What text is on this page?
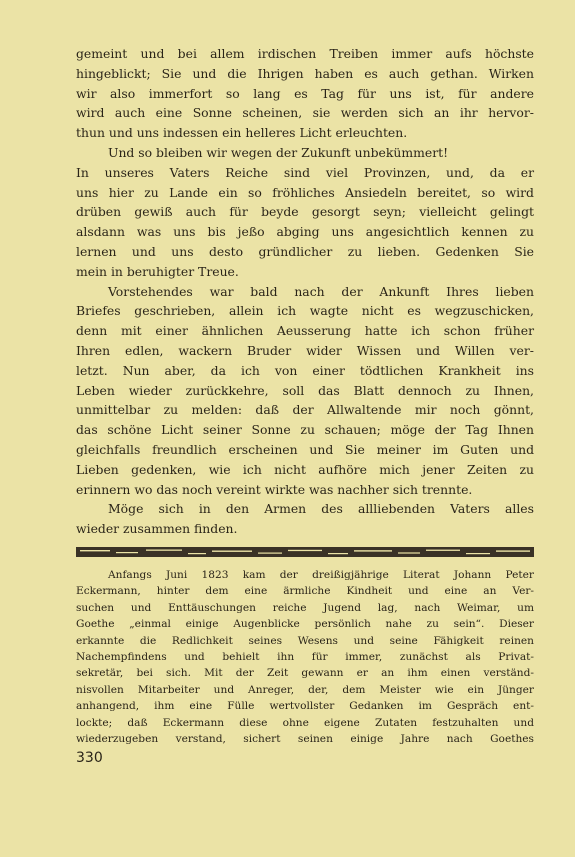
gemeint und bei allem irdischen Treiben immer aufs höchste
hingeblickt; Sie und die Ihrigen haben es auch gethan. Wirken
wir also immerfort so lang es Tag für uns ist, für andere
wird auch eine Sonne scheinen, sie werden sich an ihr hervor-
thun und uns indessen ein helleres Licht erleuchten.

Und so bleiben wir wegen der Zukunft unbekümmert!
In unseres Vaters Reiche sind viel Provinzen, und, da er
uns hier zu Lande ein so fröhliches Ansiedeln bereitet, so wird
drüben gewiß auch für beyde gesorgt seyn; vielleicht gelingt
alsdann was uns bis jeßo abging uns angesichtlich kennen zu
lernen und uns desto gründlicher zu lieben. Gedenken Sie
mein in beruhigter Treue.

Vorstehendes war bald nach der Ankunft Ihres lieben
Briefes geschrieben, allein ich wagte nicht es wegzuschicken,
denn mit einer ähnlichen Aeusserung hatte ich schon früher
Ihren edlen, wackern Bruder wider Wissen und Willen ver-
letzt. Nun aber, da ich von einer tödtlichen Krankheit ins
Leben wieder zurückkehre, soll das Blatt dennoch zu Ihnen,
unmittelbar zu melden: daß der Allwaltende mir noch gönnt,
das schöne Licht seiner Sonne zu schauen; möge der Tag Ihnen
gleichfalls freundlich erscheinen und Sie meiner im Guten und
Lieben gedenken, wie ich nicht aufhöre mich jener Zeiten zu
erinnern wo das noch vereint wirkte was nachher sich trennte.

Möge sich in den Armen des allliebenden Vaters alles
wieder zusammen finden.

Anfangs Juni 1823 kam der dreißigjährige Literat Johann Peter
Eckermann, hinter dem eine ärmliche Kindheit und eine an Ver-
suchen und Enttäuschungen reiche Jugend lag, nach Weimar, um
Goethe „einmal einige Augenblicke persönlich nahe zu sein“. Dieser
erkannte die Redlichkeit seines Wesens und seine Fähigkeit reinen
Nachempfindens und behielt ihn für immer, zunächst als Privat-
sekretär, bei sich. Mit der Zeit gewann er an ihm einen verständ-
nisvollen Mitarbeiter und Anreger, der, dem Meister wie ein Jünger
anhangend, ihm eine Fülle wertvollster Gedanken im Gespräch ent-
lockte; daß Eckermann diese ohne eigene Zutaten festzuhalten und
wiederzugeben verstand, sichert seinen einige Jahre nach Goethes
330
